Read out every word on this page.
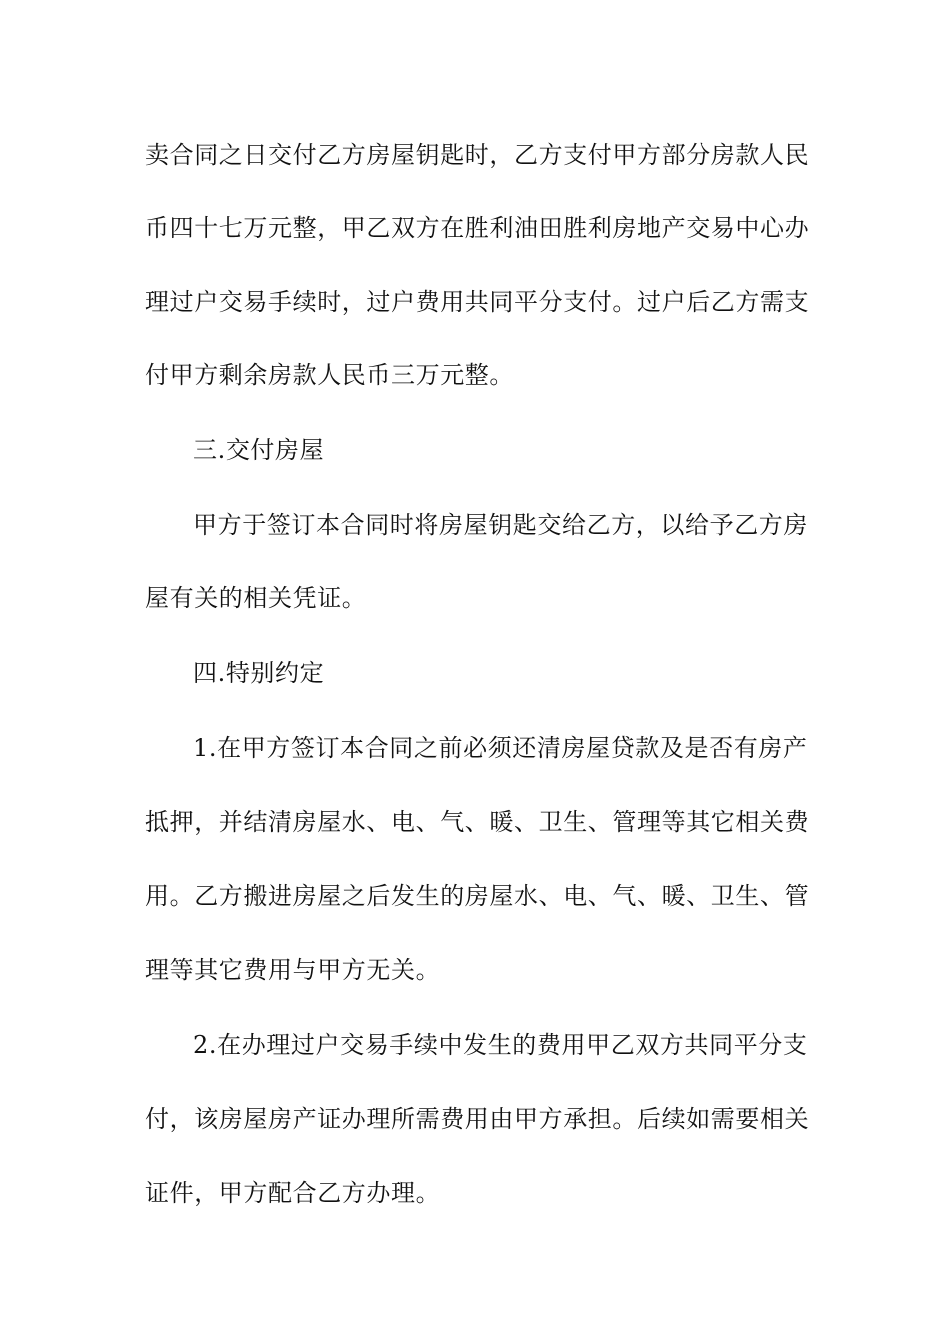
卖合同之日交付乙方房屋钥匙时，乙方支付甲方部分房款人民
币四十七万元整，甲乙双方在胜利油田胜利房地产交易中心办
理过户交易手续时，过户费用共同平分支付。过户后乙方需支
付甲方剩余房款人民币三万元整。
三.交付房屋
甲方于签订本合同时将房屋钥匙交给乙方，以给予乙方房
屋有关的相关凭证。
四.特别约定
1.在甲方签订本合同之前必须还清房屋贷款及是否有房产
抵押，并结清房屋水、电、气、暖、卫生、管理等其它相关费
用。乙方搬进房屋之后发生的房屋水、电、气、暖、卫生、管
理等其它费用与甲方无关。
2.在办理过户交易手续中发生的费用甲乙双方共同平分支
付，该房屋房产证办理所需费用由甲方承担。后续如需要相关
证件，甲方配合乙方办理。
